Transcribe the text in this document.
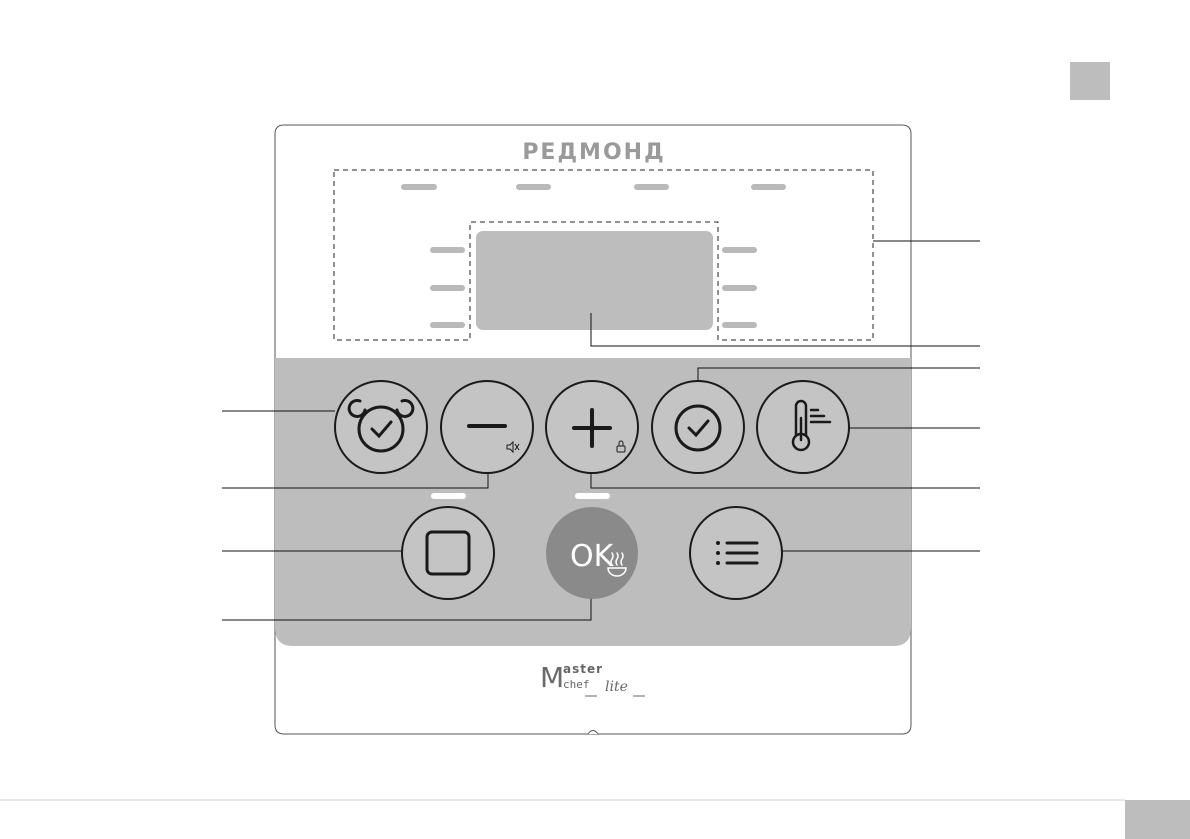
OK
РЕДМОНД
M
aster
chef lite
